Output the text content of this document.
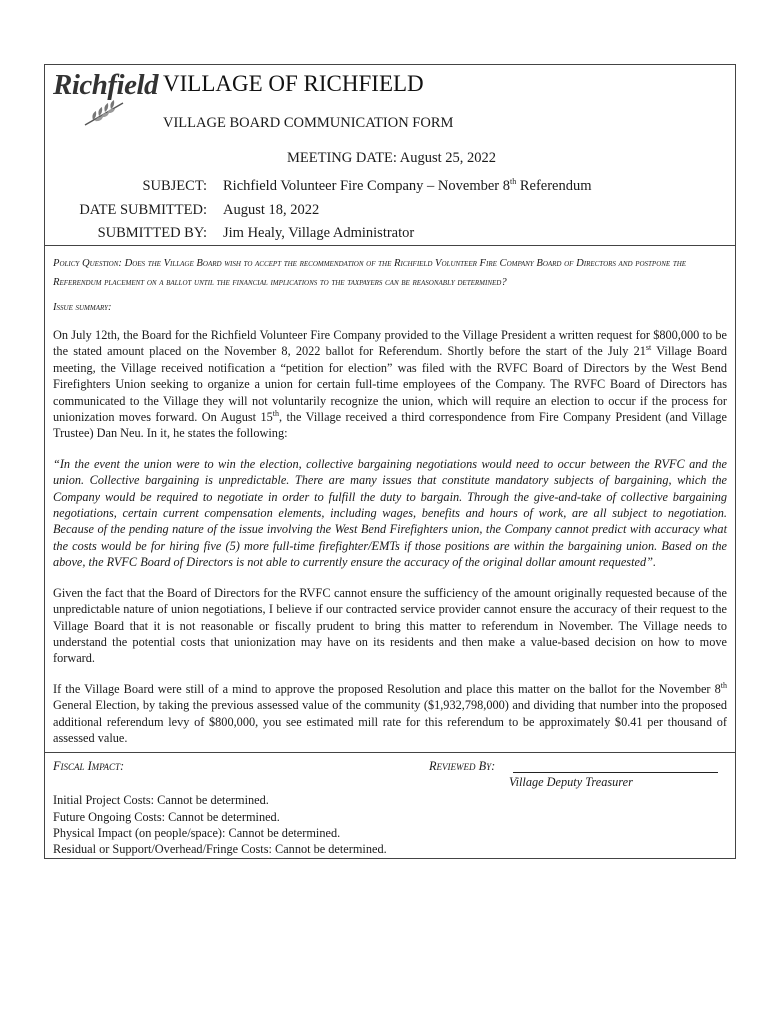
Richfield VILLAGE OF RICHFIELD
VILLAGE BOARD COMMUNICATION FORM
MEETING DATE: August 25, 2022
SUBJECT: Richfield Volunteer Fire Company – November 8th Referendum
DATE SUBMITTED: August 18, 2022
SUBMITTED BY: Jim Healy, Village Administrator
Policy Question: Does the Village Board wish to accept the recommendation of the Richfield Volunteer Fire Company Board of Directors and postpone the Referendum placement on a ballot until the financial implications to the taxpayers can be reasonably determined?
Issue summary:

On July 12th, the Board for the Richfield Volunteer Fire Company provided to the Village President a written request for $800,000 to be the stated amount placed on the November 8, 2022 ballot for Referendum. Shortly before the start of the July 21st Village Board meeting, the Village received notification a “petition for election” was filed with the RVFC Board of Directors by the West Bend Firefighters Union seeking to organize a union for certain full-time employees of the Company. The RVFC Board of Directors has communicated to the Village they will not voluntarily recognize the union, which will require an election to occur if the process for unionization moves forward. On August 15th, the Village received a third correspondence from Fire Company President (and Village Trustee) Dan Neu. In it, he states the following:

“In the event the union were to win the election, collective bargaining negotiations would need to occur between the RVFC and the union. Collective bargaining is unpredictable. There are many issues that constitute mandatory subjects of bargaining, which the Company would be required to negotiate in order to fulfill the duty to bargain. Through the give-and-take of collective bargaining negotiations, certain current compensation elements, including wages, benefits and hours of work, are all subject to negotiation. Because of the pending nature of the issue involving the West Bend Firefighters union, the Company cannot predict with accuracy what the costs would be for hiring five (5) more full-time firefighter/EMTs if those positions are within the bargaining union. Based on the above, the RVFC Board of Directors is not able to currently ensure the accuracy of the original dollar amount requested”.

Given the fact that the Board of Directors for the RVFC cannot ensure the sufficiency of the amount originally requested because of the unpredictable nature of union negotiations, I believe if our contracted service provider cannot ensure the accuracy of their request to the Village Board that it is not reasonable or fiscally prudent to bring this matter to referendum in November. The Village needs to understand the potential costs that unionization may have on its residents and then make a value-based decision on how to move forward.

If the Village Board were still of a mind to approve the proposed Resolution and place this matter on the ballot for the November 8th General Election, by taking the previous assessed value of the community ($1,932,798,000) and dividing that number into the proposed additional referendum levy of $800,000, you see estimated mill rate for this referendum to be approximately $0.41 per thousand of assessed value.

Fiscal Impact:	Reviewed By:
Village Deputy Treasurer
Initial Project Costs: Cannot be determined.
Future Ongoing Costs: Cannot be determined.
Physical Impact (on people/space): Cannot be determined.
Residual or Support/Overhead/Fringe Costs: Cannot be determined.
